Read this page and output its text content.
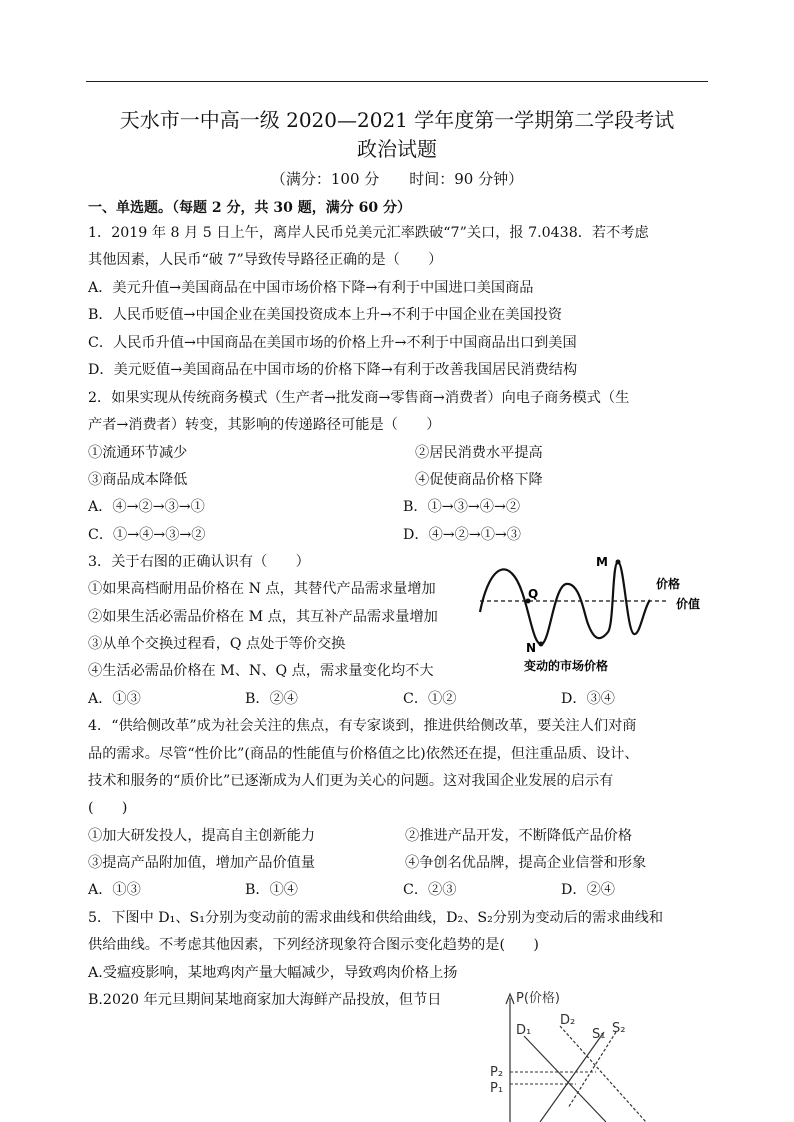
天水市一中高一级 2020—2021 学年度第一学期第二学段考试
政治试题
（满分：100 分　　时间：90 分钟）
一、单选题。（每题 2 分，共 30 题，满分 60 分）
1．2019 年 8 月 5 日上午，离岸人民币兑美元汇率跌破“7”关口，报 7.0438．若不考虑
其他因素，人民币“破 7”导致传导路径正确的是（　　）
A．美元升值→美国商品在中国市场价格下降→有利于中国进口美国商品
B．人民币贬值→中国企业在美国投资成本上升→不利于中国企业在美国投资
C．人民币升值→中国商品在美国市场的价格上升→不利于中国商品出口到美国
D．美元贬值→美国商品在中国市场的价格下降→有利于改善我国居民消费结构
2．如果实现从传统商务模式（生产者→批发商→零售商→消费者）向电子商务模式（生
产者→消费者）转变，其影响的传递路径可能是（　　）
①流通环节减少	②居民消费水平提高
③商品成本降低	④促使商品价格下降
A．④→②→③→①	B．①→③→④→②
C．①→④→③→②	D．④→②→①→③
3．关于右图的正确认识有（　　）
①如果高档耐用品价格在 N 点，其替代产品需求量增加
②如果生活必需品价格在 M 点，其互补产品需求量增加
③从单个交换过程看，Q 点处于等价交换
④生活必需品价格在 M、N、Q 点，需求量变化均不大
A．①③	B．②④	C．①②	D．③④
M
Q
N
价格
价值
变动的市场价格
4．“供给侧改革”成为社会关注的焦点，有专家谈到，推进供给侧改革，要关注人们对商
品的需求。尽管“性价比”(商品的性能值与价格值之比)依然还在提，但注重品质、设计、
技术和服务的“质价比”已逐渐成为人们更为关心的问题。这对我国企业发展的启示有
(　　)
①加大研发投人，提高自主创新能力	②推进产品开发，不断降低产品价格
③提高产品附加值，增加产品价值量	④争创名优品牌，提高企业信誉和形象
A．①③	B．①④	C．②③	D．②④
5．下图中 D₁、S₁分别为变动前的需求曲线和供给曲线，D₂、S₂分别为变动后的需求曲线和
供给曲线。不考虑其他因素，下列经济现象符合图示变化趋势的是(　　)
A.受瘟疫影响，某地鸡肉产量大幅减少，导致鸡肉价格上扬
B.2020 年元旦期间某地商家加大海鲜产品投放，但节日	P(价格)
D₁
D₂
S₁ S₂
P₂
P₁
